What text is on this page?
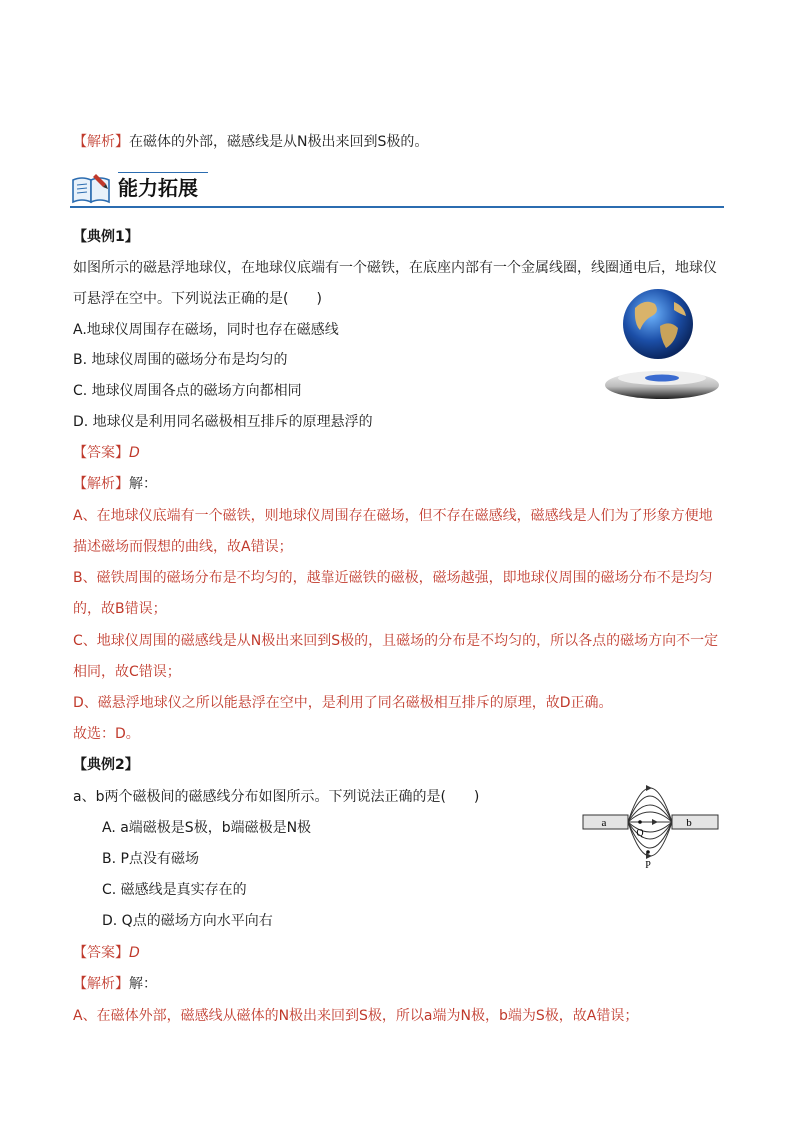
【解析】在磁体的外部，磁感线是从N极出来回到S极的。
能力拓展
【典例1】
如图所示的磁悬浮地球仪，在地球仪底端有一个磁铁，在底座内部有一个金属线圈，线圈通电后，地球仪
可悬浮在空中。下列说法正确的是(　　)
A.地球仪周围存在磁场，同时也存在磁感线
B. 地球仪周围的磁场分布是均匀的
C. 地球仪周围各点的磁场方向都相同
D. 地球仪是利用同名磁极相互排斥的原理悬浮的
【答案】D
【解析】解：
A、在地球仪底端有一个磁铁，则地球仪周围存在磁场，但不存在磁感线，磁感线是人们为了形象方便地
描述磁场而假想的曲线，故A错误；
B、磁铁周围的磁场分布是不均匀的，越靠近磁铁的磁极，磁场越强，即地球仪周围的磁场分布不是均匀
的，故B错误；
C、地球仪周围的磁感线是从N极出来回到S极的，且磁场的分布是不均匀的，所以各点的磁场方向不一定
相同，故C错误；
D、磁悬浮地球仪之所以能悬浮在空中，是利用了同名磁极相互排斥的原理，故D正确。
故选：D。
【典例2】
a、b两个磁极间的磁感线分布如图所示。下列说法正确的是(　　)
A. a端磁极是S极，b端磁极是N极
B. P点没有磁场
C. 磁感线是真实存在的
D. Q点的磁场方向水平向右
a	b
Q
P
【答案】D
【解析】解：
A、在磁体外部，磁感线从磁体的N极出来回到S极，所以a端为N极，b端为S极，故A错误；
